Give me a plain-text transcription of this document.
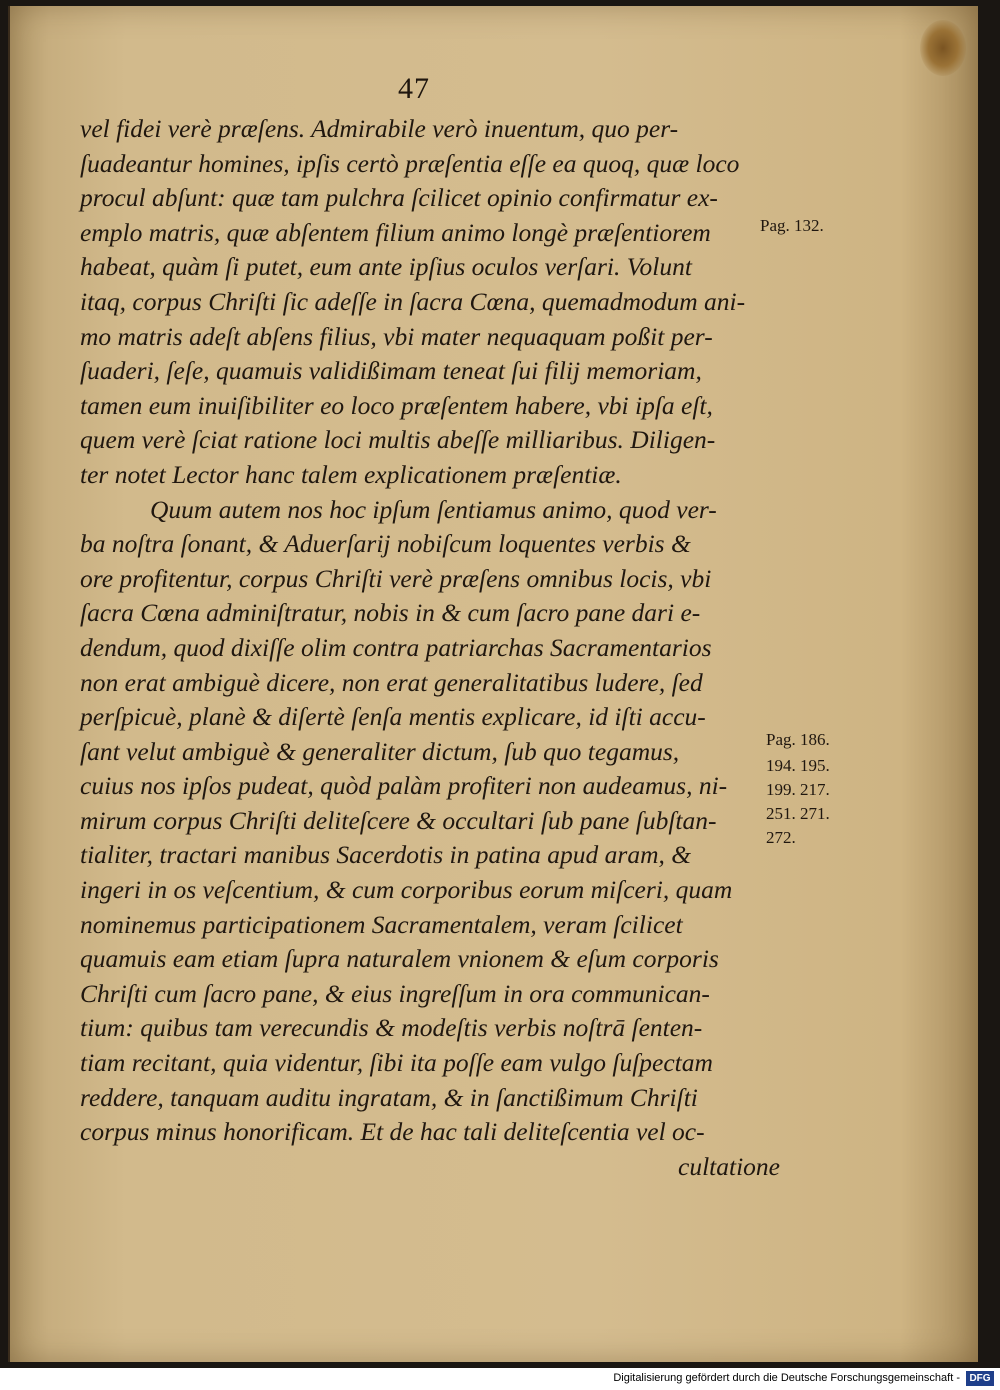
47
vel fidei verè præſens. Admirabile verò inuentum, quo per-
ſuadeantur homines, ipſis certò præſentia eſſe ea quoq, quæ loco
procul abſunt: quæ tam pulchra ſcilicet opinio confirmatur ex-
emplo matris, quæ abſentem filium animo longè præſentiorem
habeat, quàm ſi putet, eum ante ipſius oculos verſari. Volunt
itaq, corpus Chriſti ſic adeſſe in ſacra Cœna, quemadmodum ani-
mo matris adeſt abſens filius, vbi mater nequaquam poßit per-
ſuaderi, ſeſe, quamuis validißimam teneat ſui filij memoriam,
tamen eum inuiſibiliter eo loco præſentem habere, vbi ipſa eſt,
quem verè ſciat ratione loci multis abeſſe milliaribus. Diligen-
ter notet Lector hanc talem explicationem præſentiæ.
Quum autem nos hoc ipſum ſentiamus animo, quod ver-
ba noſtra ſonant, & Aduerſarij nobiſcum loquentes verbis &
ore profitentur, corpus Chriſti verè præſens omnibus locis, vbi
ſacra Cœna adminiſtratur, nobis in & cum ſacro pane dari e-
dendum, quod dixiſſe olim contra patriarchas Sacramentarios
non erat ambiguè dicere, non erat generalitatibus ludere, ſed
perſpicuè, planè & diſertè ſenſa mentis explicare, id iſti accu-
ſant velut ambiguè & generaliter dictum, ſub quo tegamus,
cuius nos ipſos pudeat, quòd palàm profiteri non audeamus, ni-
mirum corpus Chriſti deliteſcere & occultari ſub pane ſubſtan-
tialiter, tractari manibus Sacerdotis in patina apud aram, &
ingeri in os veſcentium, & cum corporibus eorum miſceri, quam
nominemus participationem Sacramentalem, veram ſcilicet
quamuis eam etiam ſupra naturalem vnionem & eſum corporis
Chriſti cum ſacro pane, & eius ingreſſum in ora communican-
tium: quibus tam verecundis & modeſtis verbis noſtrā ſenten-
tiam recitant, quia videntur, ſibi ita poſſe eam vulgo ſuſpectam
reddere, tanquam auditu ingratam, & in ſanctißimum Chriſti
corpus minus honorificam. Et de hac tali deliteſcentia vel oc-
cultatione
Pag. 132.
Pag. 186.
194. 195.
199. 217.
251. 271.
272.
Digitalisierung gefördert durch die Deutsche Forschungsgemeinschaft - DFG
